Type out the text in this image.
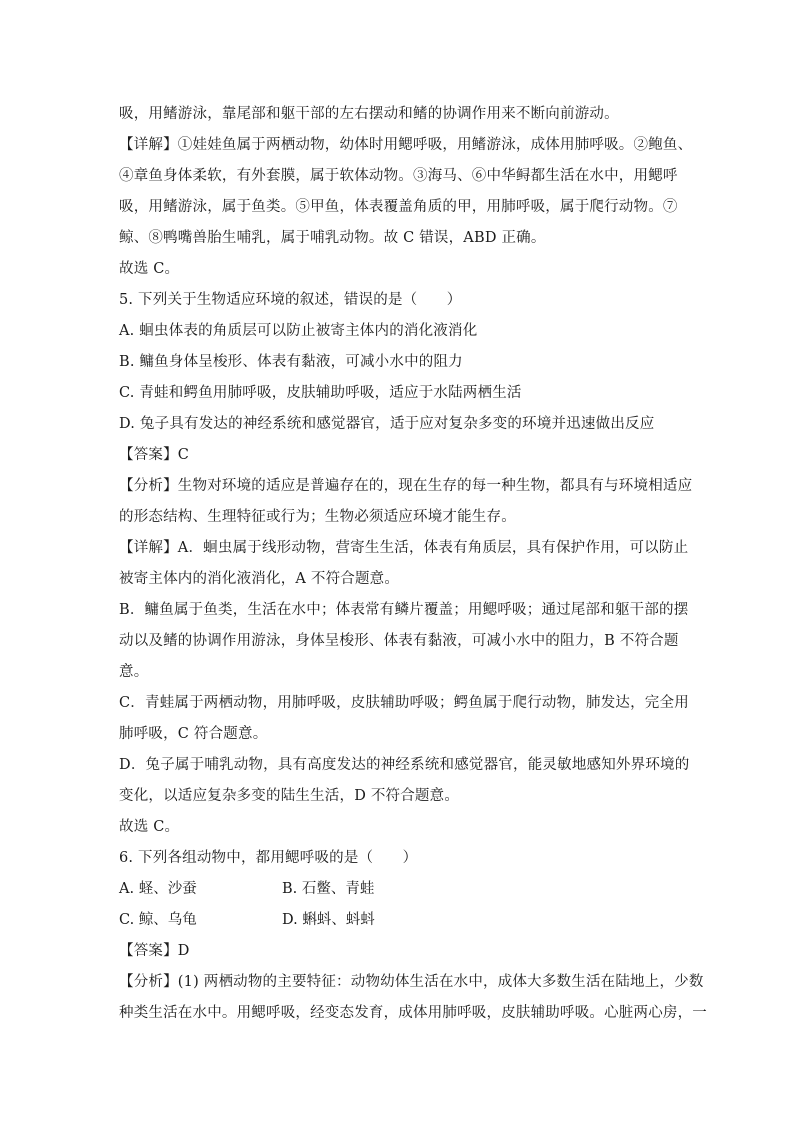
吸，用鳍游泳，靠尾部和躯干部的左右摆动和鳍的协调作用来不断向前游动。
【详解】①娃娃鱼属于两栖动物，幼体时用鳃呼吸，用鳍游泳，成体用肺呼吸。②鲍鱼、
④章鱼身体柔软，有外套膜，属于软体动物。③海马、⑥中华鲟都生活在水中，用鳃呼
吸，用鳍游泳，属于鱼类。⑤甲鱼，体表覆盖角质的甲，用肺呼吸，属于爬行动物。⑦
鲸、⑧鸭嘴兽胎生哺乳，属于哺乳动物。故 C 错误，ABD 正确。
故选 C。
5. 下列关于生物适应环境的叙述，错误的是（　　）
A. 蛔虫体表的角质层可以防止被寄主体内的消化液消化
B. 鳙鱼身体呈梭形、体表有黏液，可减小水中的阻力
C. 青蛙和鳄鱼用肺呼吸，皮肤辅助呼吸，适应于水陆两栖生活
D. 兔子具有发达的神经系统和感觉器官，适于应对复杂多变的环境并迅速做出反应
【答案】C
【分析】生物对环境的适应是普遍存在的，现在生存的每一种生物，都具有与环境相适应
的形态结构、生理特征或行为；生物必须适应环境才能生存。
【详解】A．蛔虫属于线形动物，营寄生生活，体表有角质层，具有保护作用，可以防止
被寄主体内的消化液消化，A 不符合题意。
B．鳙鱼属于鱼类，生活在水中；体表常有鳞片覆盖；用鳃呼吸；通过尾部和躯干部的摆
动以及鳍的协调作用游泳，身体呈梭形、体表有黏液，可减小水中的阻力，B 不符合题
意。
C．青蛙属于两栖动物，用肺呼吸，皮肤辅助呼吸；鳄鱼属于爬行动物，肺发达，完全用
肺呼吸，C 符合题意。
D．兔子属于哺乳动物，具有高度发达的神经系统和感觉器官，能灵敏地感知外界环境的
变化，以适应复杂多变的陆生生活，D 不符合题意。
故选 C。
6. 下列各组动物中，都用鳃呼吸的是（　　）
A. 蛏、沙蚕	B. 石鳖、青蛙
C. 鲸、乌龟	D. 蝌蚪、蚪蚪
【答案】D
【分析】(1) 两栖动物的主要特征：动物幼体生活在水中，成体大多数生活在陆地上，少数
种类生活在水中。用鳃呼吸，经变态发育，成体用肺呼吸，皮肤辅助呼吸。心脏两心房，一
